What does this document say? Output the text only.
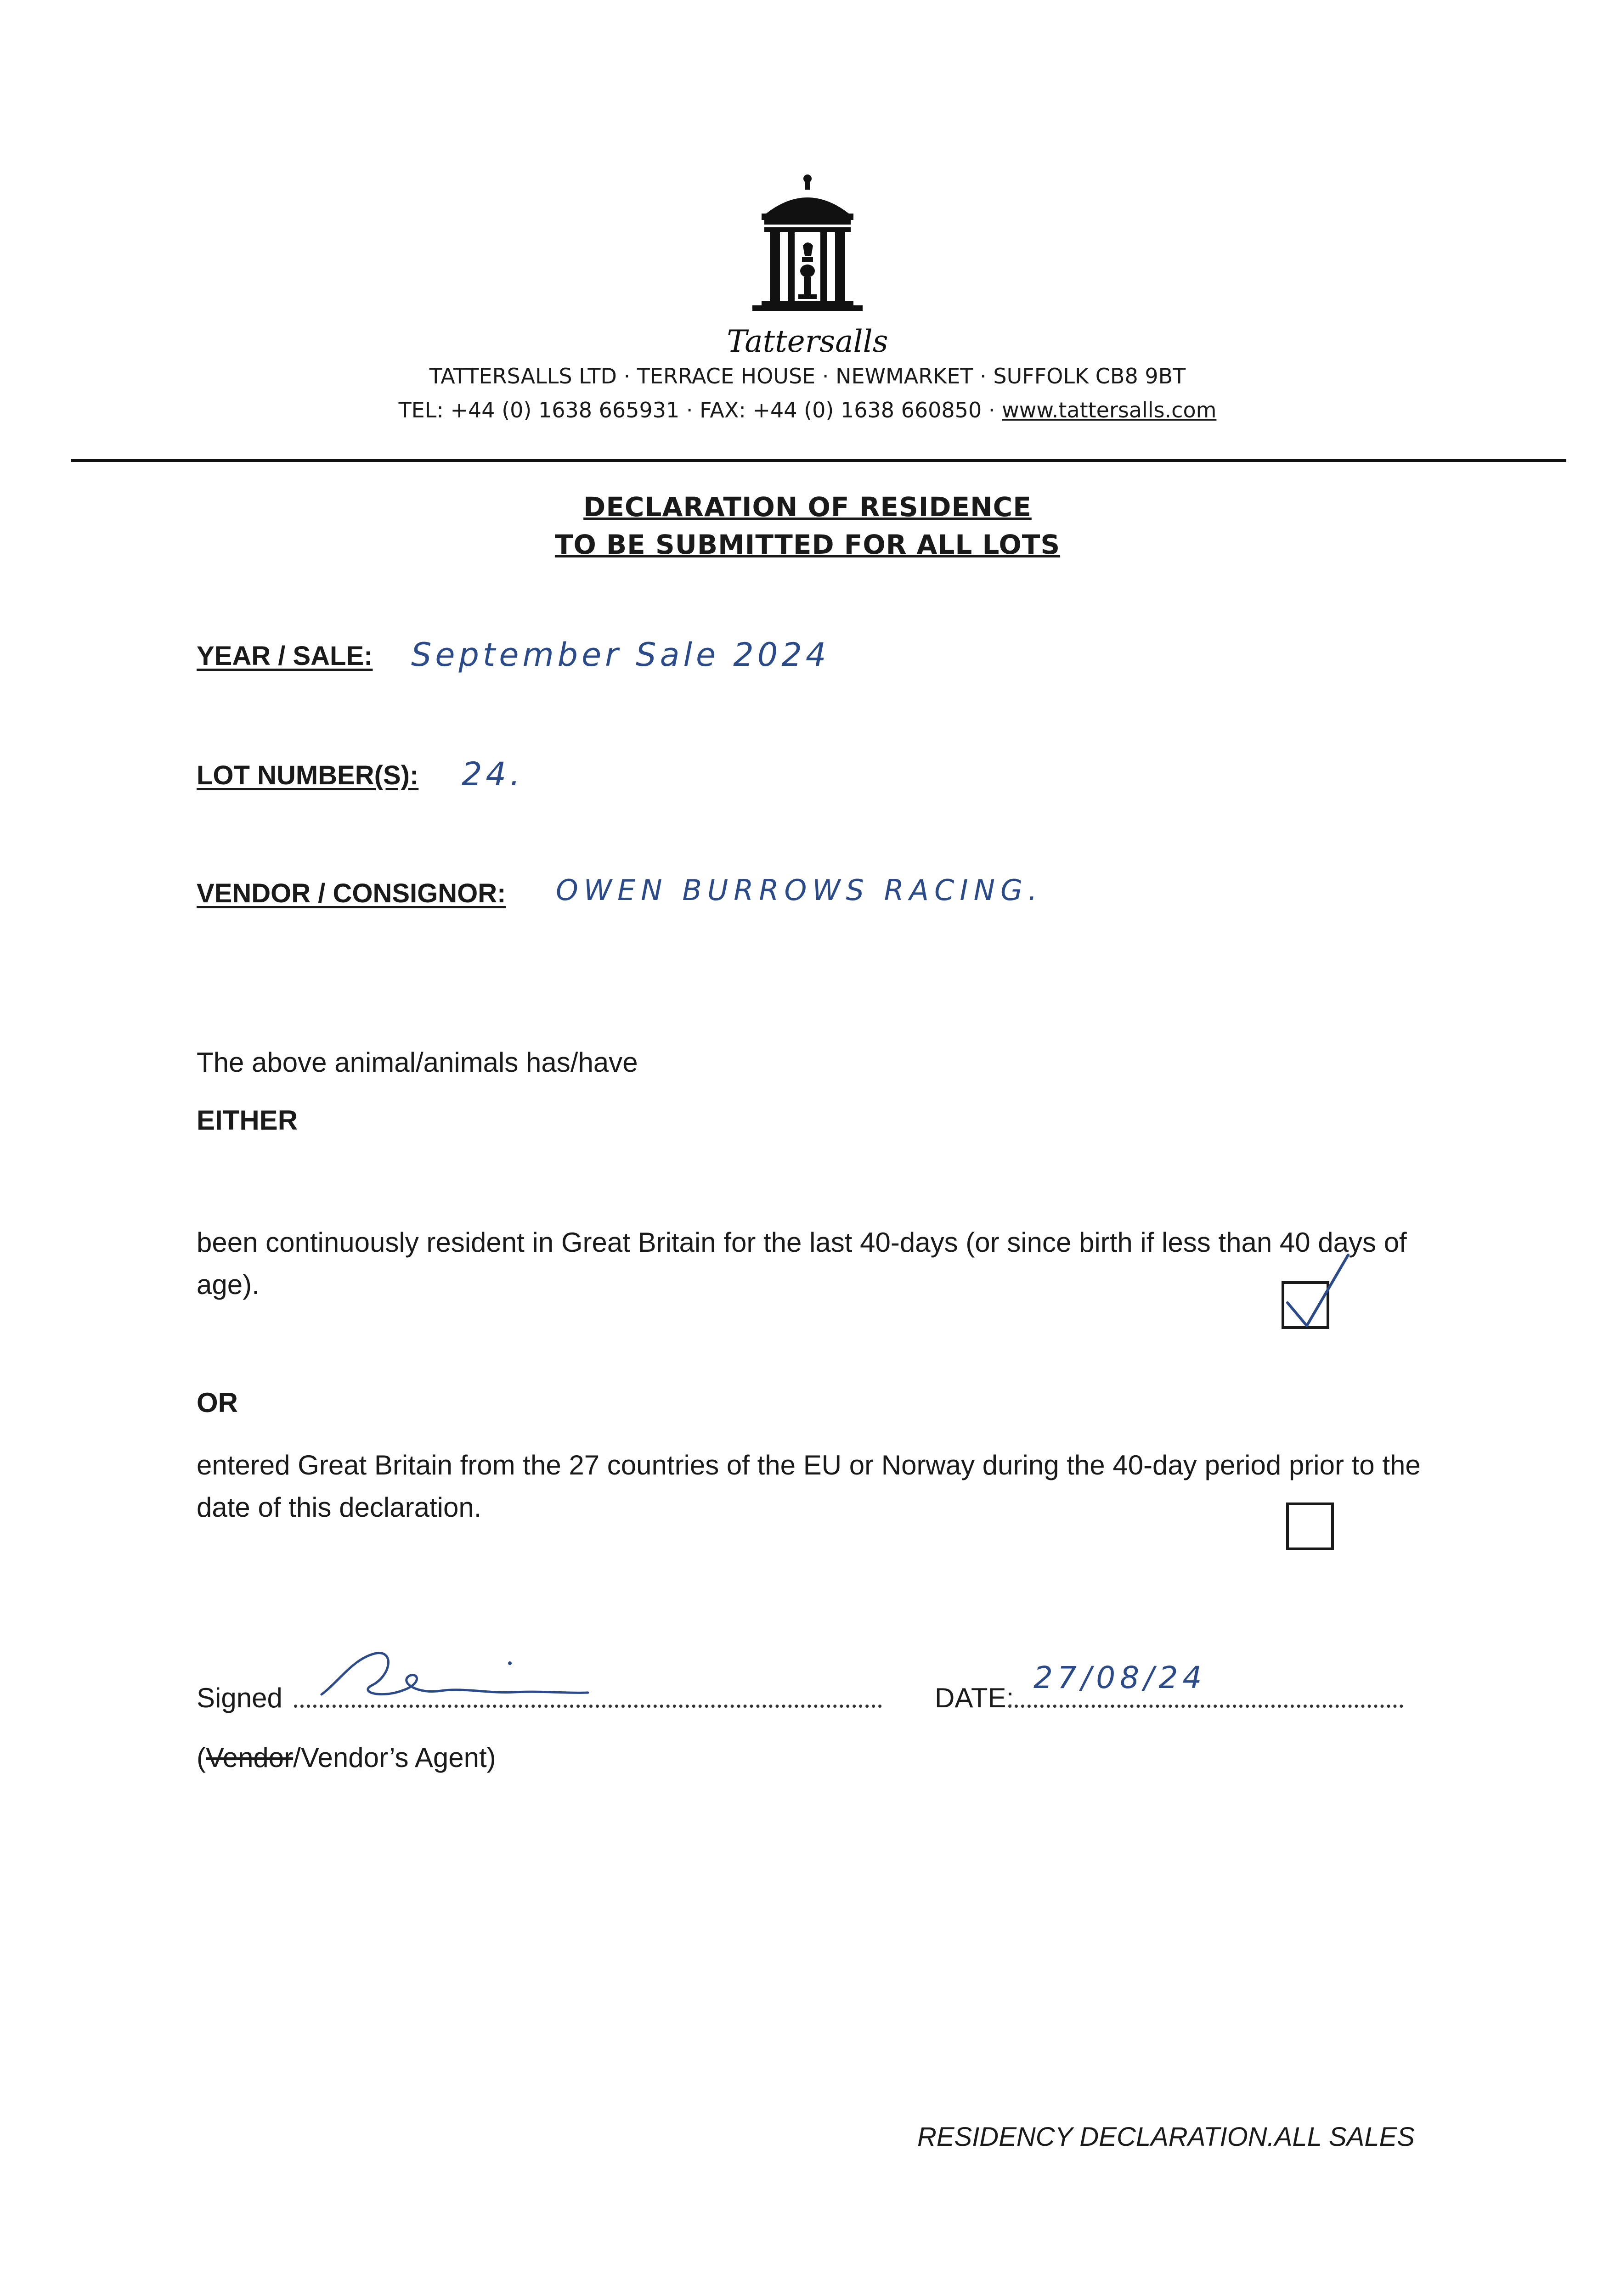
Tattersalls
TATTERSALLS LTD · TERRACE HOUSE · NEWMARKET · SUFFOLK CB8 9BT
TEL: +44 (0) 1638 665931 · FAX: +44 (0) 1638 660850 · www.tattersalls.com
DECLARATION OF RESIDENCE
TO BE SUBMITTED FOR ALL LOTS
YEAR / SALE: September Sale 2024
LOT NUMBER(S): 24.
VENDOR / CONSIGNOR: OWEN BURROWS RACING.
The above animal/animals has/have
EITHER
been continuously resident in Great Britain for the last 40-days (or since birth if less than 40 days of age).
OR
entered Great Britain from the 27 countries of the EU or Norway during the 40-day period prior to the date of this declaration.
Signed	DATE:
27/08/24
(Vendor/Vendor’s Agent)
RESIDENCY DECLARATION.ALL SALES
